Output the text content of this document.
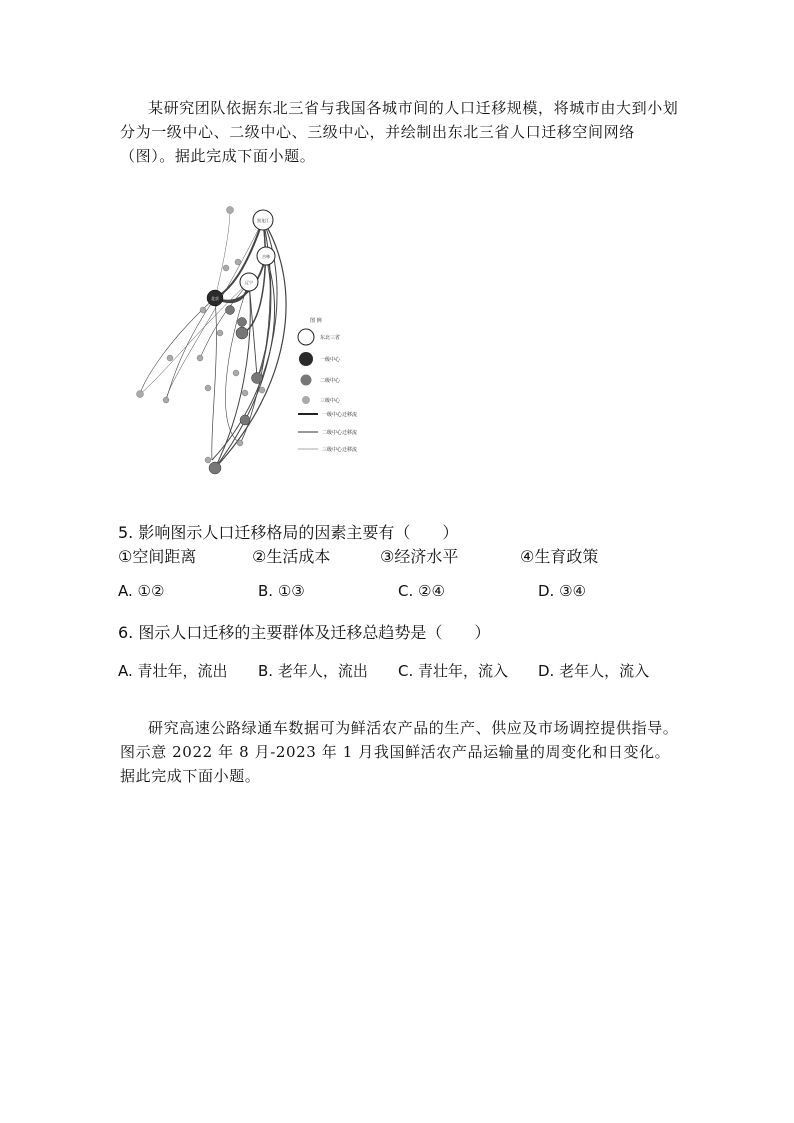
某研究团队依据东北三省与我国各城市间的人口迁移规模，将城市由大到小划分为一级中心、二级中心、三级中心，并绘制出东北三省人口迁移空间网络（图）。据此完成下面小题。
黑龙江
吉林
辽宁
北京
图 例
东北三省
一级中心
二级中心
三级中心
一级中心迁移流
二级中心迁移流
三级中心迁移流
5. 影响图示人口迁移格局的因素主要有（　　）
①空间距离	②生活成本	③经济水平	④生育政策
A. ①②	B. ①③	C. ②④	D. ③④
6. 图示人口迁移的主要群体及迁移总趋势是（　　）
A. 青壮年，流出 B. 老年人，流出 C. 青壮年，流入 D. 老年人，流入
研究高速公路绿通车数据可为鲜活农产品的生产、供应及市场调控提供指导。图示意 2022 年 8 月-2023 年 1 月我国鲜活农产品运输量的周变化和日变化。据此完成下面小题。
